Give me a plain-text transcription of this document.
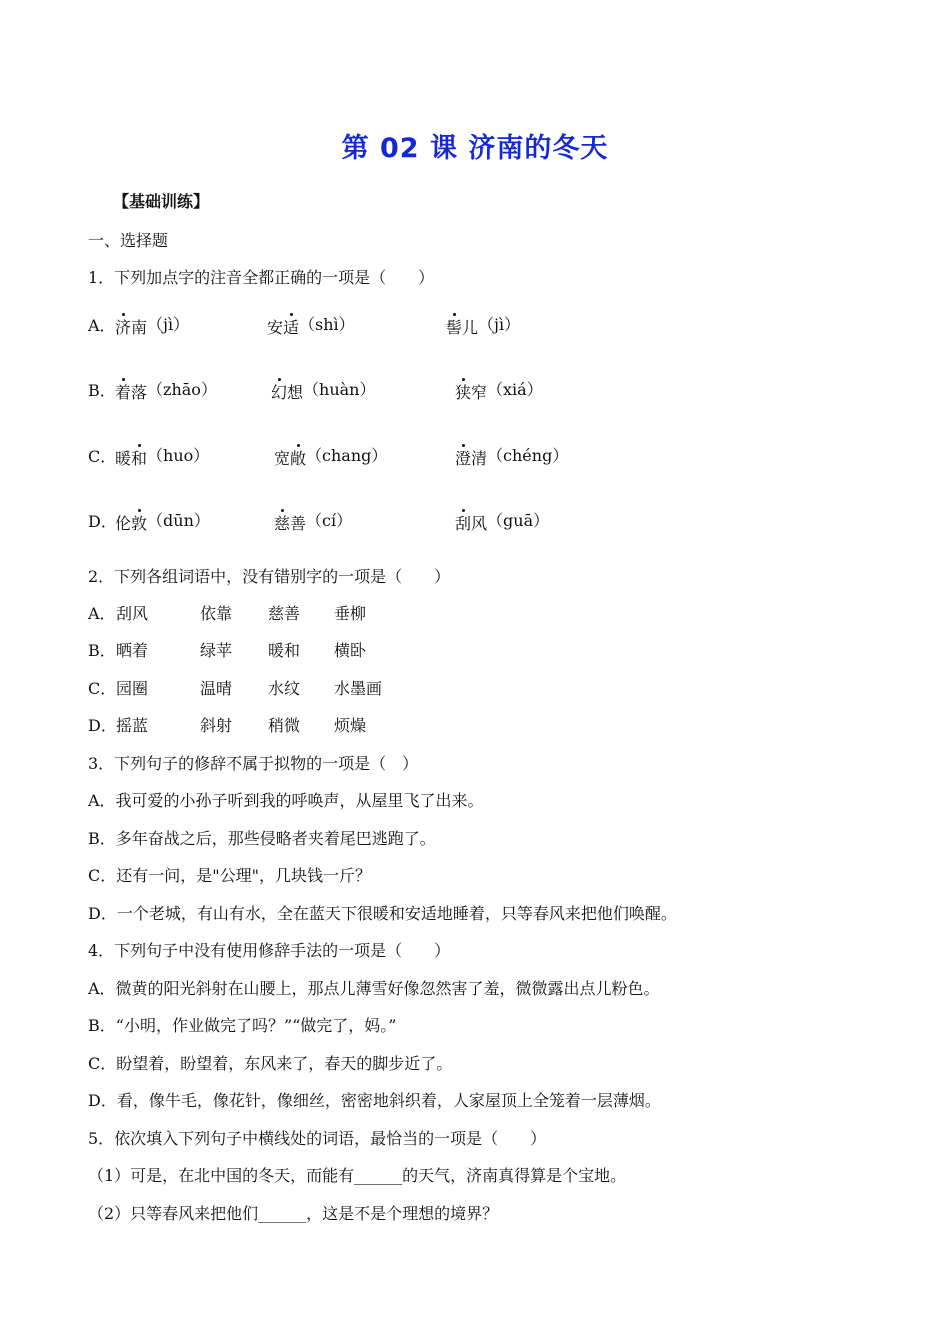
第 02 课 济南的冬天
【基础训练】
一、选择题
1．下列加点字的注音全都正确的一项是（　　）
A． 济南（jì）	安适（shì）	髻儿（jì）
B． 着落（zhāo）	幻想（huàn）	狭窄（xiá）
C．
暖和（huo）	宽敞（chang）	澄清（chéng）
D．
伦敦（dūn）	慈善（cí）	刮风（guā）
2．下列各组词语中，没有错别字的一项是（　　）
A．刮风	依靠 慈善 垂柳
B．晒着	绿苹 暖和 横卧
C．园圈	温晴 水纹 水墨画
D．摇蓝	斜射 稍微 烦燥
3．下列句子的修辞不属于拟物的一项是（　）
A．我可爱的小孙子听到我的呼唤声，从屋里飞了出来。
B．多年奋战之后，那些侵略者夹着尾巴逃跑了。
C．还有一问，是"公理"，几块钱一斤？
D．一个老城，有山有水，全在蓝天下很暖和安适地睡着，只等春风来把他们唤醒。
4．下列句子中没有使用修辞手法的一项是（　　）
A．微黄的阳光斜射在山腰上，那点儿薄雪好像忽然害了羞，微微露出点儿粉色。
B．“小明，作业做完了吗？”“做完了，妈。”
C．盼望着，盼望着，东风来了，春天的脚步近了。
D．看，像牛毛，像花针，像细丝，密密地斜织着，人家屋顶上全笼着一层薄烟。
5．依次填入下列句子中横线处的词语，最恰当的一项是（　　）
（1）可是，在北中国的冬天，而能有______的天气，济南真得算是个宝地。
（2）只等春风来把他们______，这是不是个理想的境界？
